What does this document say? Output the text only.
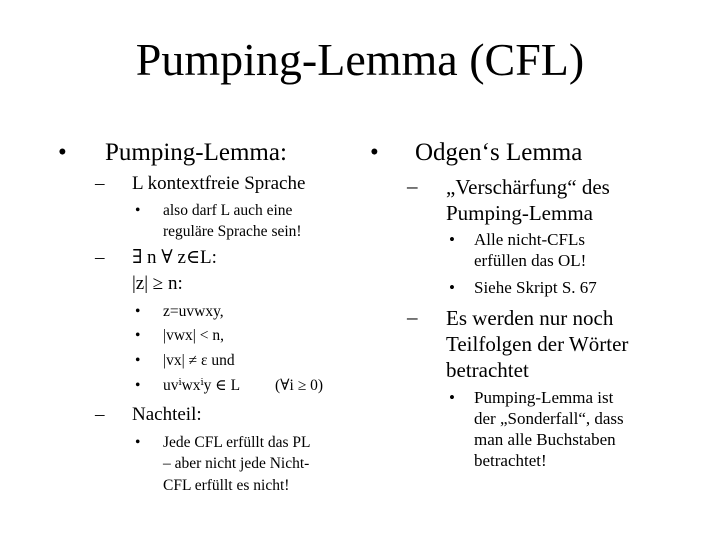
Pumping-Lemma (CFL)
• Pumping-Lemma:
– L kontextfreie Sprache
• also darf L auch eine
reguläre Sprache sein!
– ∃ n ∀ z∈L:
|z| ≥ n:
• z=uvwxy,
• |vwx| < n,
• |vx| ≠ ε und
• uvⁱwxⁱy ∈ L (∀i ≥ 0)
– Nachteil:
• Jede CFL erfüllt das PL
– aber nicht jede Nicht-
CFL erfüllt es nicht!
• Odgen‘s Lemma
– „Verschärfung“ des
Pumping-Lemma
• Alle nicht-CFLs
erfüllen das OL!
• Siehe Skript S. 67
– Es werden nur noch
Teilfolgen der Wörter
betrachtet
• Pumping-Lemma ist
der „Sonderfall“, dass
man alle Buchstaben
betrachtet!
